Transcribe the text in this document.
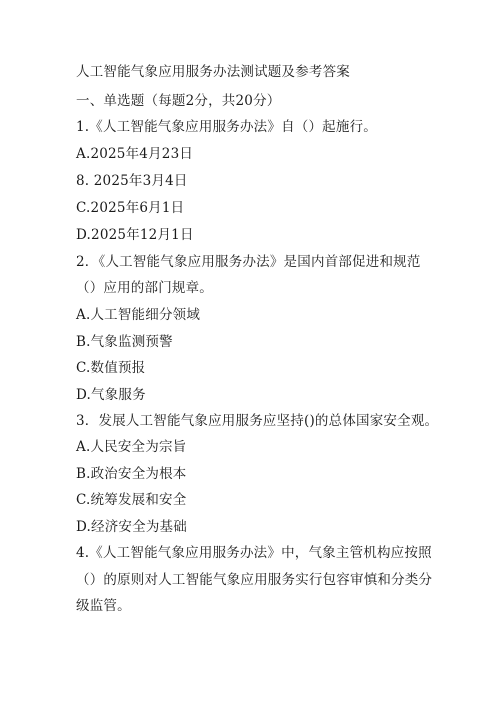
人工智能气象应用服务办法测试题及参考答案
一、单选题（每题2分，共20分）
1.《人工智能气象应用服务办法》自（）起施行。
A.2025年4月23日
8. 2025年3月4日
C.2025年6月1日
D.2025年12月1日
2．《人工智能气象应用服务办法》是国内首部促进和规范
（）应用的部门规章。
A.人工智能细分领域
B.气象监测预警
C.数值预报
D.气象服务
3．发展人工智能气象应用服务应坚持()的总体国家安全观。
A.人民安全为宗旨
B.政治安全为根本
C.统筹发展和安全
D.经济安全为基础
4.《人工智能气象应用服务办法》中，气象主管机构应按照
（）的原则对人工智能气象应用服务实行包容审慎和分类分
级监管。
